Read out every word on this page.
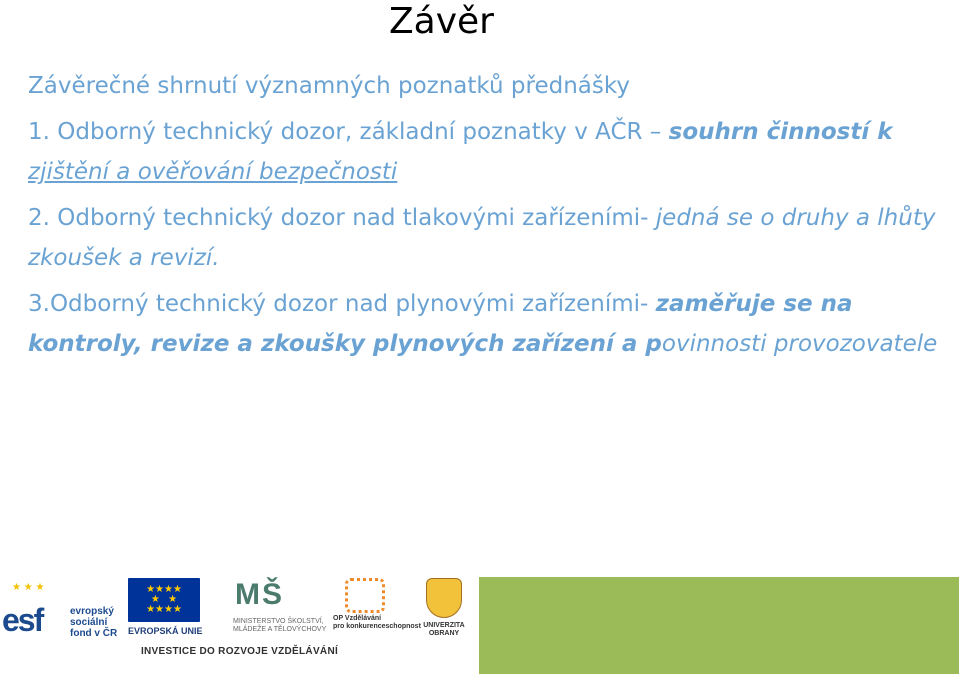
Závěr

Závěrečné shrnutí významných poznatků přednášky

1. Odborný technický dozor, základní poznatky v AČR – souhrn činností k zjištění a ověřování bezpečnosti

2. Odborný technický dozor nad tlakovými zařízeními- jedná se o druhy a lhůty zkoušek a revizí.

3.Odborný technický dozor nad plynovými zařízeními- zaměřuje se na kontroly, revize a zkoušky plynových zařízení a povinnosti provozovatele

★ ★ ★
esf	evropský
sociální
fond v ČR
★★★★
★   ★
★★★★
EVROPSKÁ UNIE
MŠ

MINISTERSTVO ŠKOLSTVÍ,
MLÁDEŽE A TĚLOVÝCHOVY
OP Vzdělávání
pro konkurenceschopnost UNIVERZITA
OBRANY
INVESTICE DO ROZVOJE VZDĚLÁVÁNÍ
